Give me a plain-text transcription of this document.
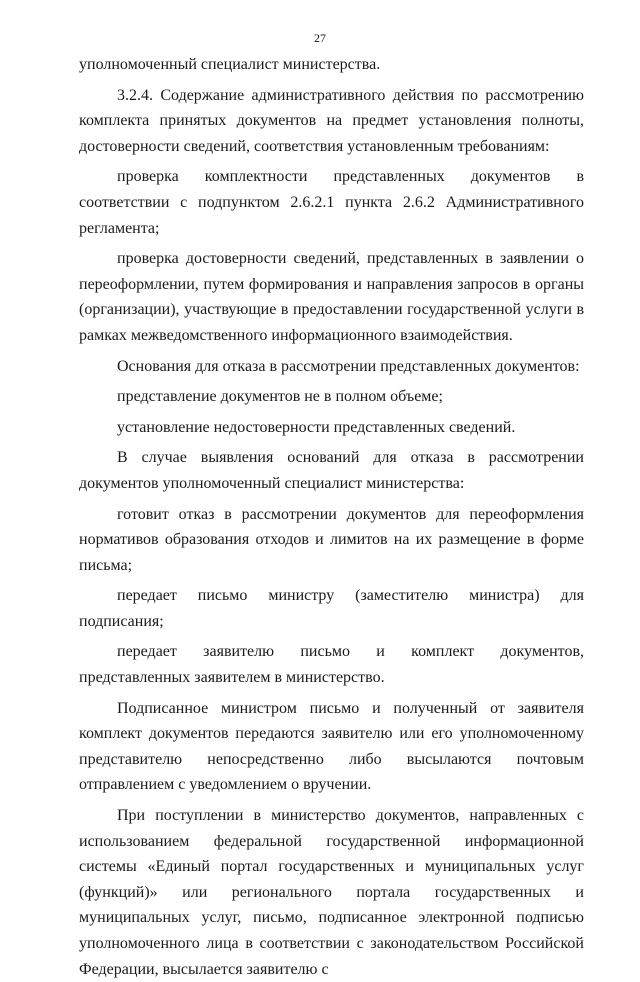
27

уполномоченный специалист министерства.

3.2.4. Содержание административного действия по рассмотрению комплекта принятых документов на предмет установления полноты, достоверности сведений, соответствия установленным требованиям:

проверка комплектности представленных документов в соответствии с подпунктом 2.6.2.1 пункта 2.6.2 Административного регламента;

проверка достоверности сведений, представленных в заявлении о переоформлении, путем формирования и направления запросов в органы (организации), участвующие в предоставлении государственной услуги в рамках межведомственного информационного взаимодействия.

Основания для отказа в рассмотрении представленных документов:

представление документов не в полном объеме;

установление недостоверности представленных сведений.

В случае выявления оснований для отказа в рассмотрении документов уполномоченный специалист министерства:

готовит отказ в рассмотрении документов для переоформления нормативов образования отходов и лимитов на их размещение в форме письма;

передает письмо министру (заместителю министра) для подписания;

передает заявителю письмо и комплект документов, представленных заявителем в министерство.

Подписанное министром письмо и полученный от заявителя комплект документов передаются заявителю или его уполномоченному представителю непосредственно либо высылаются почтовым отправлением с уведомлением о вручении.

При поступлении в министерство документов, направленных с использованием федеральной государственной информационной системы «Единый портал государственных и муниципальных услуг (функций)» или регионального портала государственных и муниципальных услуг, письмо, подписанное электронной подписью уполномоченного лица в соответствии с законодательством Российской Федерации, высылается заявителю с
